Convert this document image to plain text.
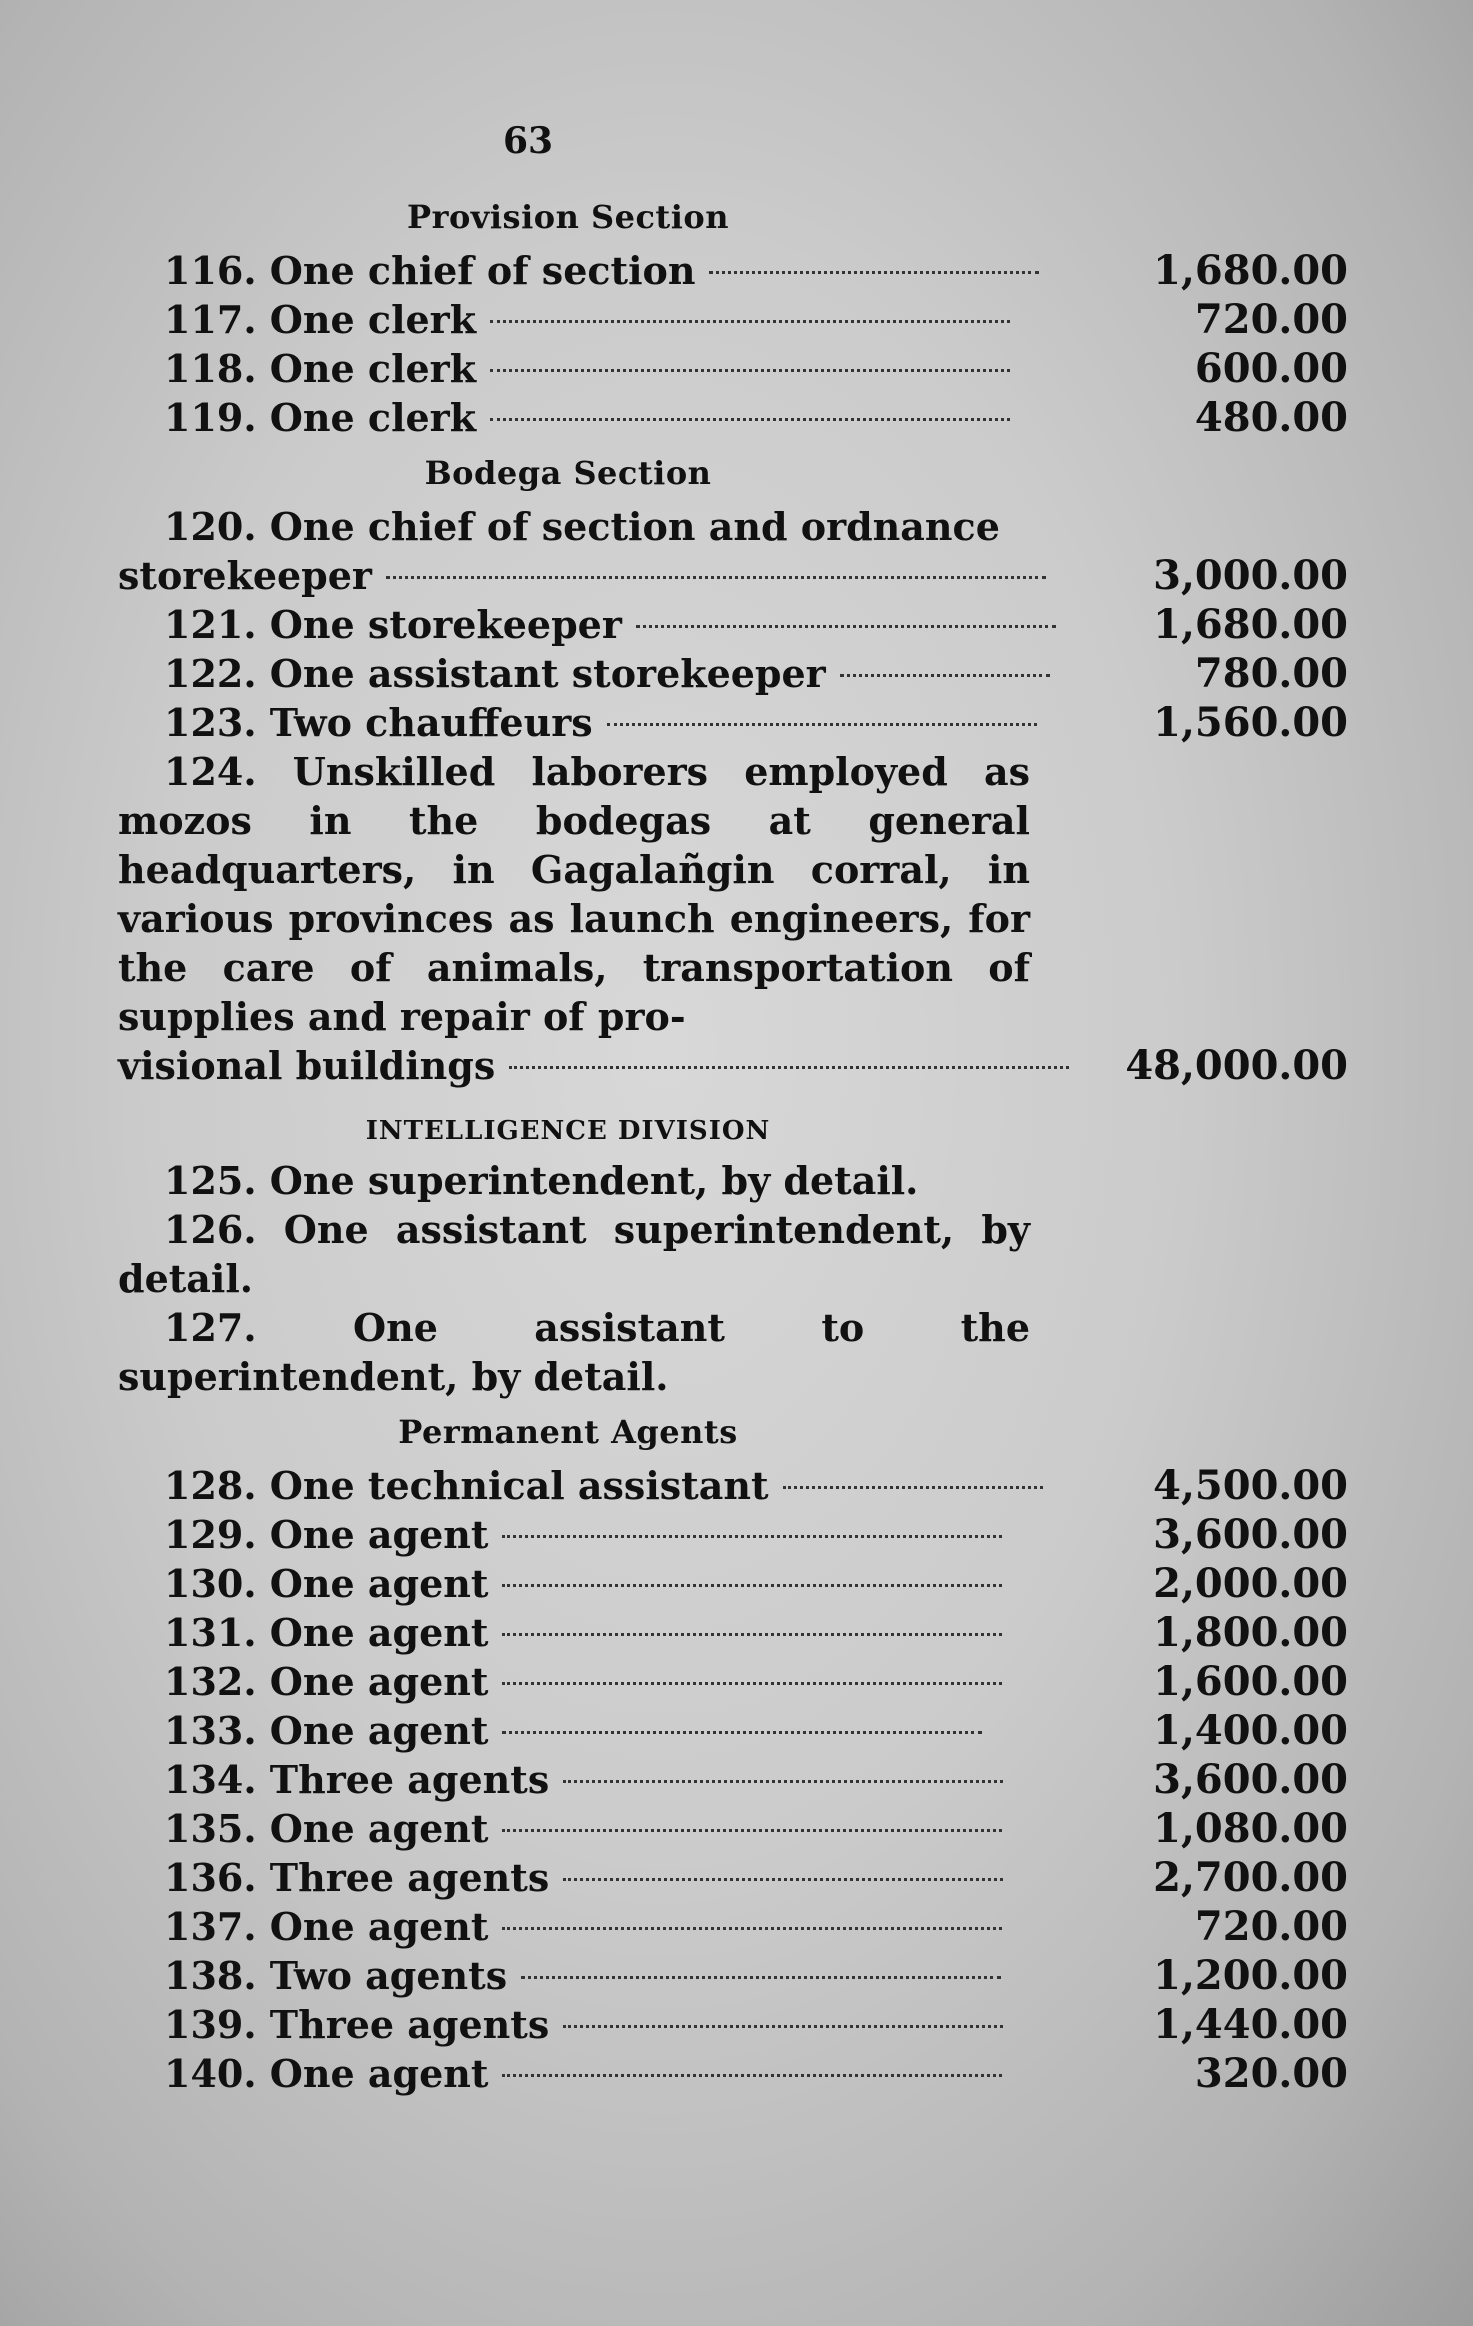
63
Provision Section
116. One chief of section	1,680.00
117. One clerk	720.00
118. One clerk	600.00
119. One clerk	480.00
Bodega Section
120. One chief of section and ordnance
storekeeper	3,000.00
121. One storekeeper	1,680.00
122. One assistant storekeeper	780.00
123. Two chauffeurs	1,560.00
124. Unskilled laborers employed as mozos in the bodegas at general headquarters, in Gagalañgin corral, in various provinces as launch engineers, for the care of animals, transportation of supplies and repair of pro-
visional buildings	48,000.00
INTELLIGENCE DIVISION
125. One superintendent, by detail.
126. One assistant superintendent, by detail.
127. One assistant to the superintendent, by detail.
Permanent Agents
128. One technical assistant	4,500.00
129. One agent	3,600.00
130. One agent	2,000.00
131. One agent	1,800.00
132. One agent	1,600.00
133. One agent	1,400.00
134. Three agents	3,600.00
135. One agent	1,080.00
136. Three agents	2,700.00
137. One agent	720.00
138. Two agents	1,200.00
139. Three agents	1,440.00
140. One agent	320.00
